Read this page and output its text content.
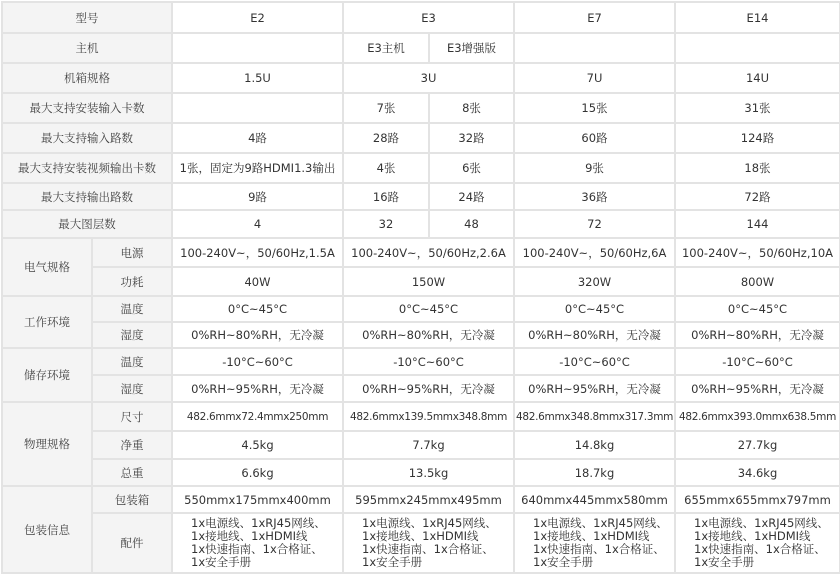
型号		E2	E3		E7	E14
主机			E3主机	E3增强版		
机箱规格		1.5U	3U		7U	14U
最大支持安装输入卡数			7张	8张	15张	31张
最大支持输入路数		4路	28路	32路	60路	124路
最大支持安装视频输出卡数		1张，固定为9路HDMI1.3输出	4张	6张	9张	18张
最大支持输出路数		9路	16路	24路	36路	72路
最大图层数		4	32	48	72	144
电气规格	电源	100-240V~，50/60Hz,1.5A	100-240V~，50/60Hz,2.6A		100-240V~，50/60Hz,6A	100-240V~，50/60Hz,10A
	功耗	40W	150W		320W	800W
工作环境	温度	0°C~45°C	0°C~45°C		0°C~45°C	0°C~45°C
	湿度	0%RH~80%RH，无冷凝	0%RH~80%RH，无冷凝		0%RH~80%RH，无冷凝	0%RH~80%RH，无冷凝
储存环境	温度	-10°C~60°C	-10°C~60°C		-10°C~60°C	-10°C~60°C
	湿度	0%RH~95%RH，无冷凝	0%RH~95%RH，无冷凝		0%RH~95%RH，无冷凝	0%RH~95%RH，无冷凝
物理规格	尺寸	482.6mmx72.4mmx250mm	482.6mmx139.5mmx348.8mm		482.6mmx348.8mmx317.3mm	482.6mmx393.0mmx638.5mm
	净重	4.5kg	7.7kg		14.8kg	27.7kg
	总重	6.6kg	13.5kg		18.7kg	34.6kg
包装信息	包装箱	550mmx175mmx400mm	595mmx245mmx495mm		640mmx445mmx580mm	655mmx655mmx797mm
	配件	1x电源线、1xRJ45网线、
1x接地线、1xHDMI线
1x快速指南、1x合格证、
1x安全手册	1x电源线、1xRJ45网线、
1x接地线、1xHDMI线
1x快速指南、1x合格证、
1x安全手册		1x电源线、1xRJ45网线、
1x接地线、1xHDMI线
1x快速指南、1x合格证、
1x安全手册	1x电源线、1xRJ45网线、
1x接地线、1xHDMI线
1x快速指南、1x合格证、
1x安全手册
